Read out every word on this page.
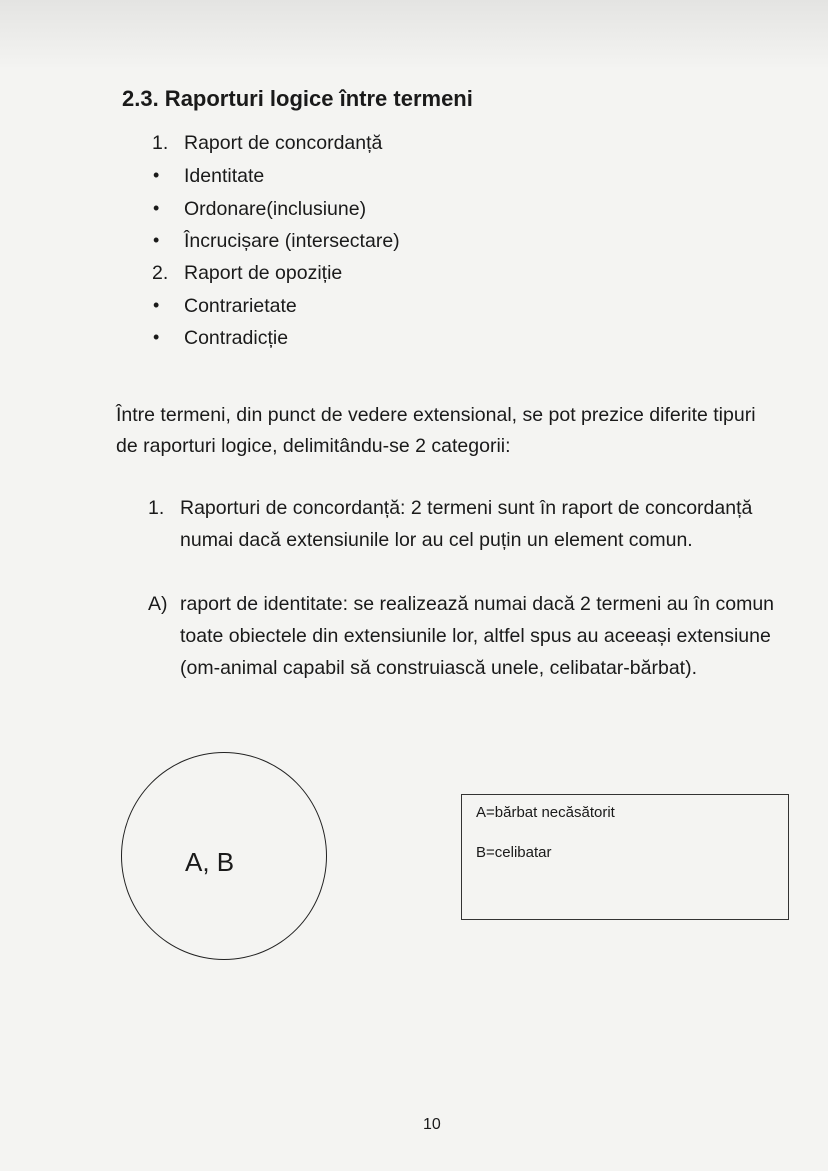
2.3. Raporturi logice între termeni
1. Raport de concordanță
• Identitate
• Ordonare(inclusiune)
• Încrucișare (intersectare)
2. Raport de opoziție
• Contrarietate
• Contradicție

Între termeni, din punct de vedere extensional, se pot prezice diferite tipuri de raporturi logice, delimitându-se 2 categorii:

1. Raporturi de concordanță: 2 termeni sunt în raport de concordanță numai dacă extensiunile lor au cel puțin un element comun.
A) raport de identitate: se realizează numai dacă 2 termeni au în comun toate obiectele din extensiunile lor, altfel spus au aceeași extensiune (om-animal capabil să construiască unele, celibatar-bărbat).
A, B
A=bărbat necăsătorit
B=celibatar
10
